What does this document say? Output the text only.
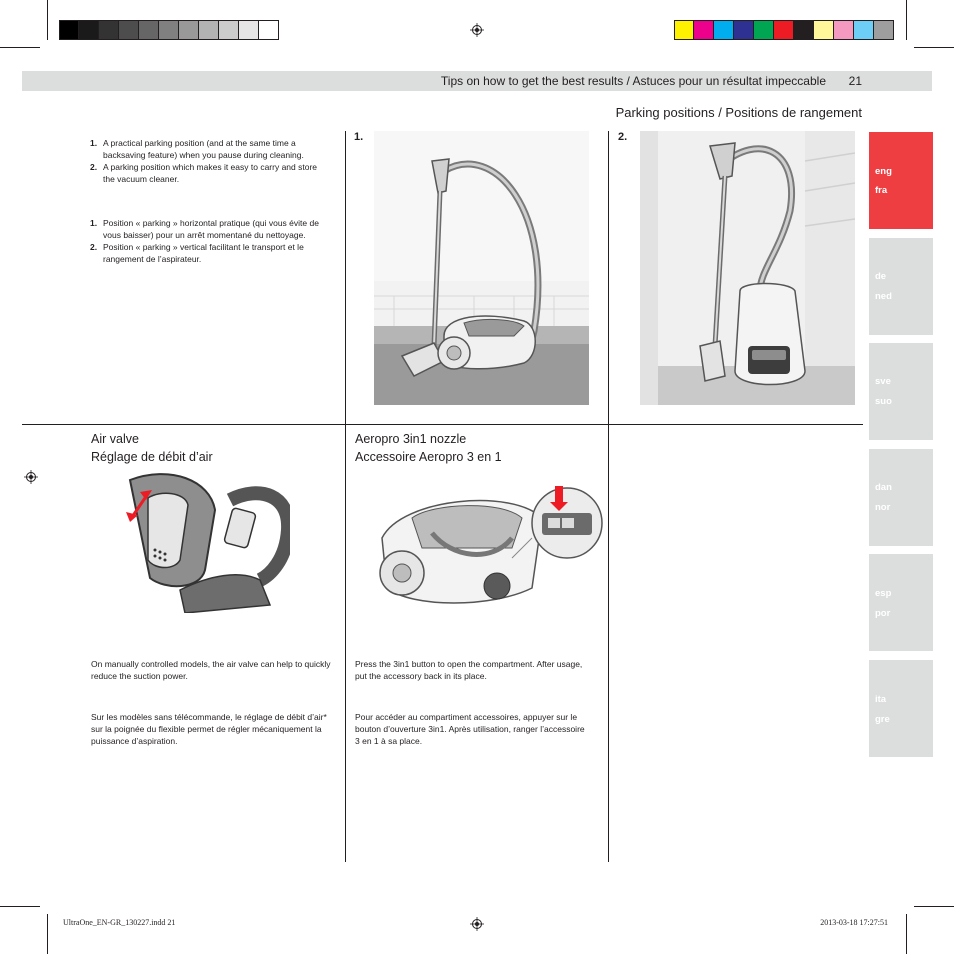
Tips on how to get the best results / Astuces pour un résultat impeccable 21
Parking positions / Positions de rangement
1. A practical parking position (and at the same time a backsaving feature) when you pause during cleaning.
2. A parking position which makes it easy to carry and store the vacuum cleaner.
1. Position « parking » horizontal pratique (qui vous évite de vous baisser) pour un arrêt momentané du nettoyage.
2. Position « parking » vertical facilitant le transport et le rangement de l’aspirateur.
1.	2.
Air valve
Réglage de débit d’air
On manually controlled models, the air valve can help to quickly reduce the suction power.
Sur les modèles sans télécommande, le réglage de débit d’air* sur la poignée du flexible permet de régler mécaniquement la puissance d’aspiration.
Aeropro 3in1 nozzle
Accessoire Aeropro 3 en 1
Press the 3in1 button to open the compartment. After usage, put the accessory back in its place.
Pour accéder au compartiment accessoires, appuyer sur le bouton d’ouverture 3in1. Après utilisation, ranger l’accessoire 3 en 1 à sa place.
eng
fra
de
ned
sve
suo
dan
nor
esp
por
ita
gre
UltraOne_EN-GR_130227.indd 21	2013-03-18 17:27:51
